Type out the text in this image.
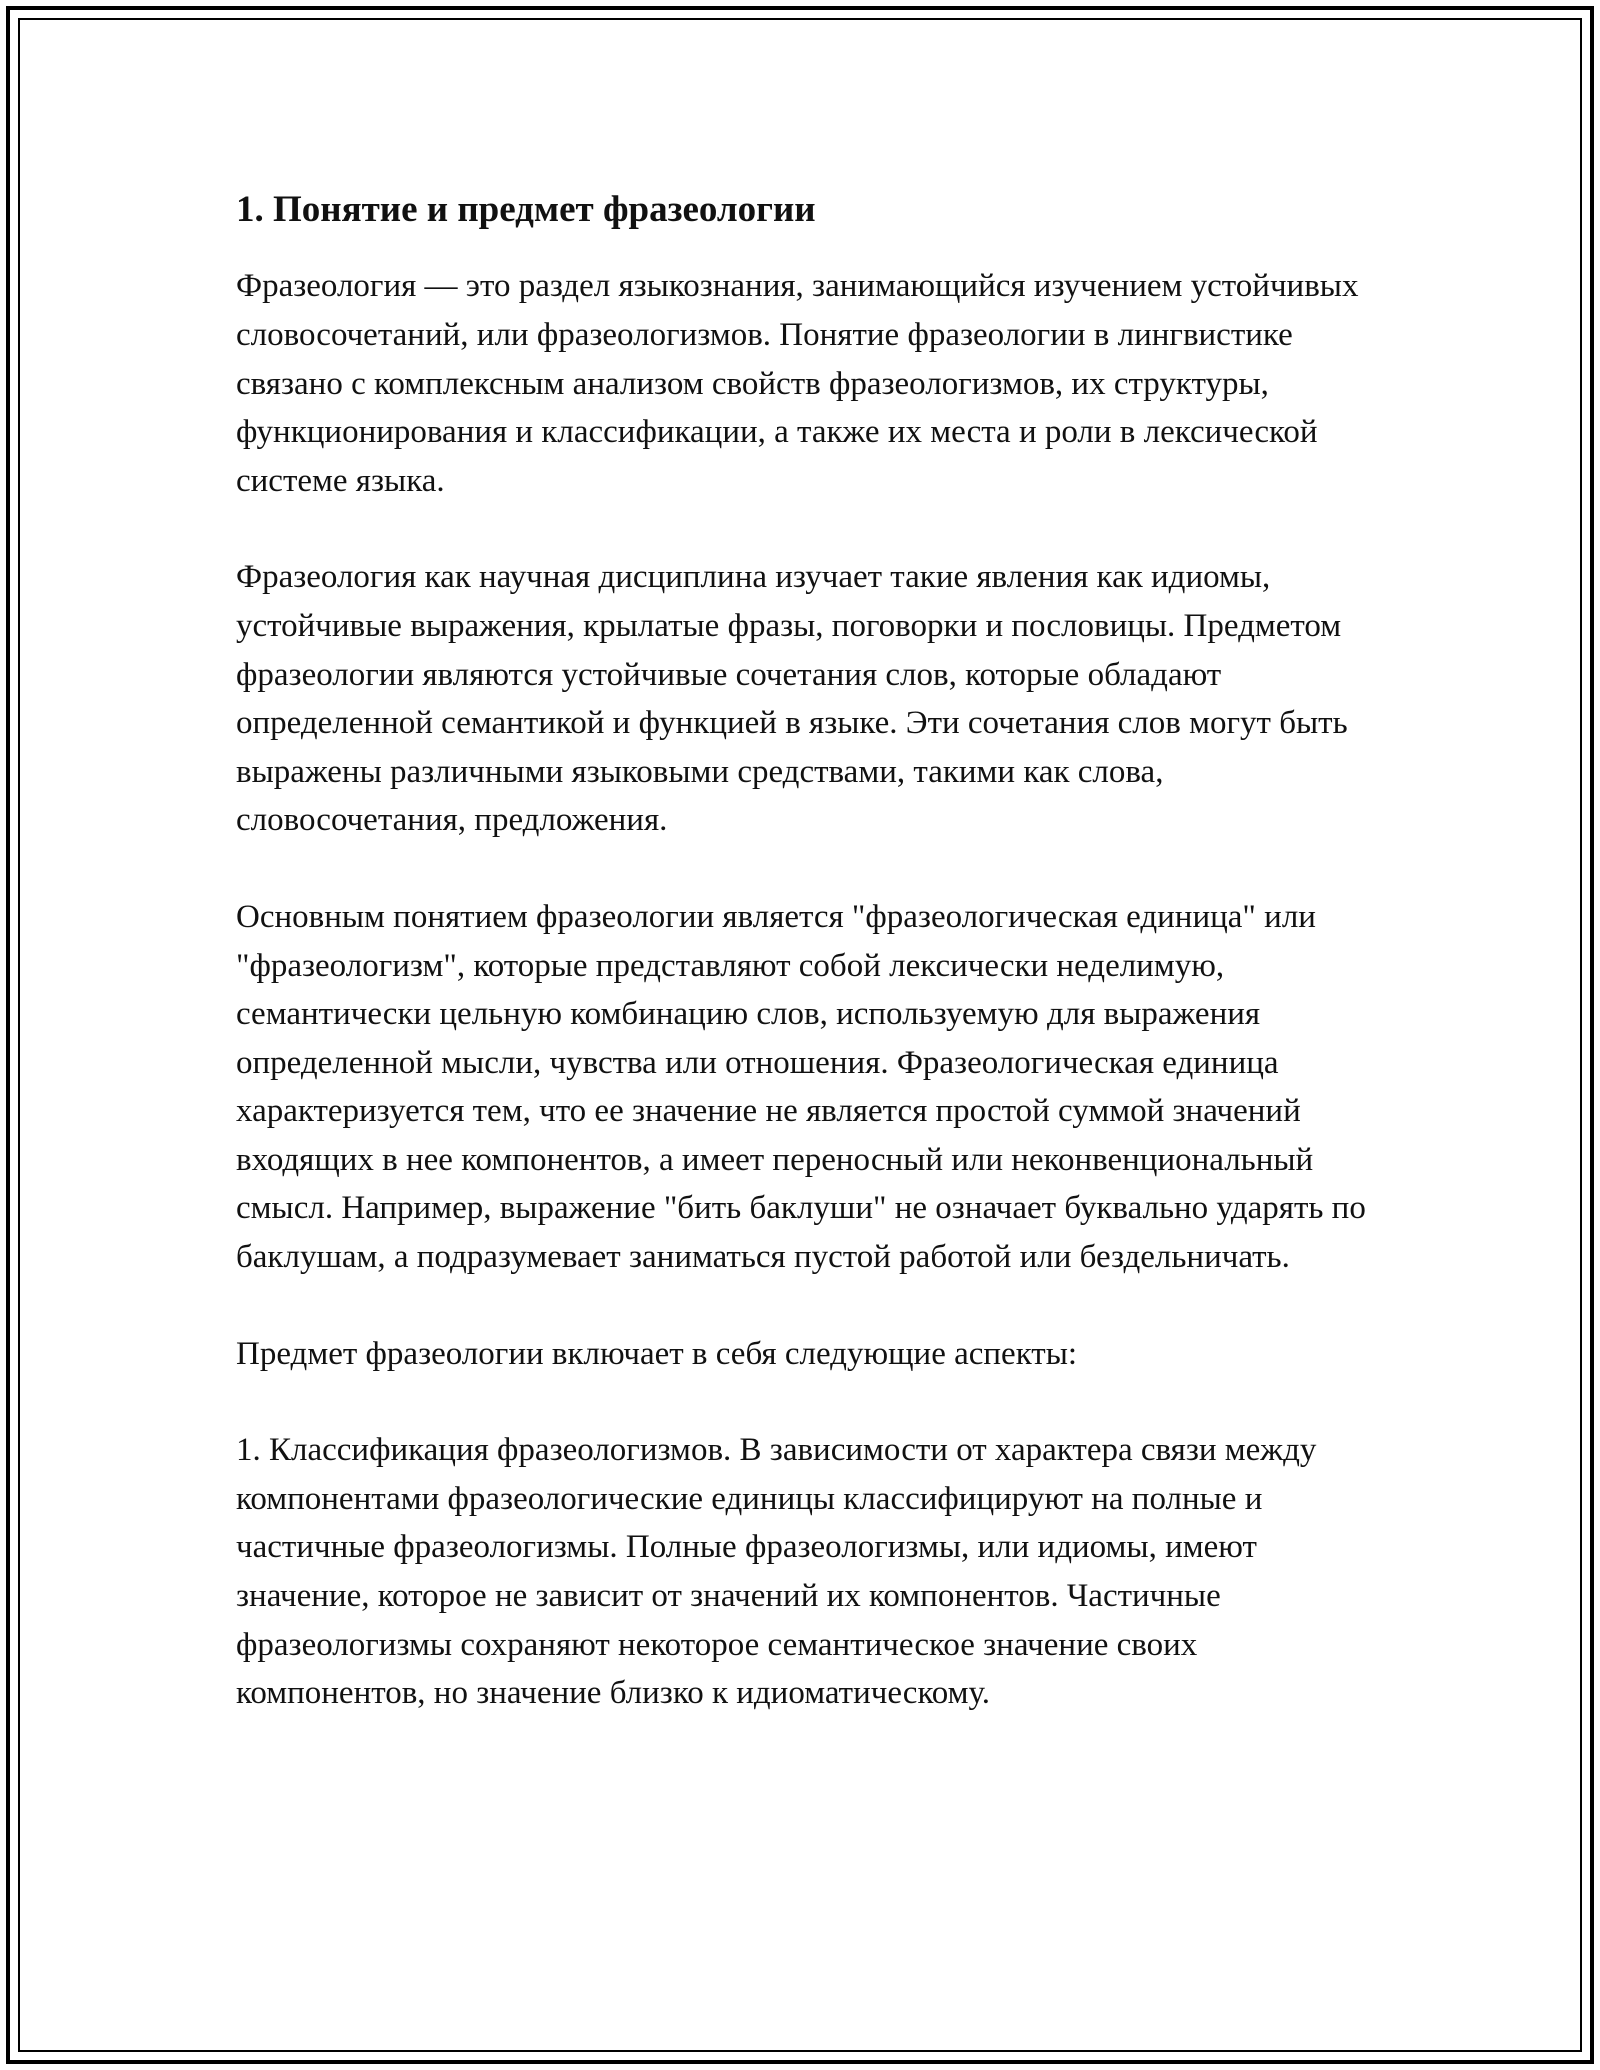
1. Понятие и предмет фразеологии

Фразеология — это раздел языкознания, занимающийся изучением устойчивых словосочетаний, или фразеологизмов. Понятие фразеологии в лингвистике связано с комплексным анализом свойств фразеологизмов, их структуры, функционирования и классификации, а также их места и роли в лексической системе языка.

Фразеология как научная дисциплина изучает такие явления как идиомы, устойчивые выражения, крылатые фразы, поговорки и пословицы. Предметом фразеологии являются устойчивые сочетания слов, которые обладают определенной семантикой и функцией в языке. Эти сочетания слов могут быть выражены различными языковыми средствами, такими как слова, словосочетания, предложения.

Основным понятием фразеологии является "фразеологическая единица" или "фразеологизм", которые представляют собой лексически неделимую, семантически цельную комбинацию слов, используемую для выражения определенной мысли, чувства или отношения. Фразеологическая единица характеризуется тем, что ее значение не является простой суммой значений входящих в нее компонентов, а имеет переносный или неконвенциональный смысл. Например, выражение "бить баклуши" не означает буквально ударять по баклушам, а подразумевает заниматься пустой работой или бездельничать.

Предмет фразеологии включает в себя следующие аспекты:

1. Классификация фразеологизмов. В зависимости от характера связи между компонентами фразеологические единицы классифицируют на полные и частичные фразеологизмы. Полные фразеологизмы, или идиомы, имеют значение, которое не зависит от значений их компонентов. Частичные фразеологизмы сохраняют некоторое семантическое значение своих компонентов, но значение близко к идиоматическому.
